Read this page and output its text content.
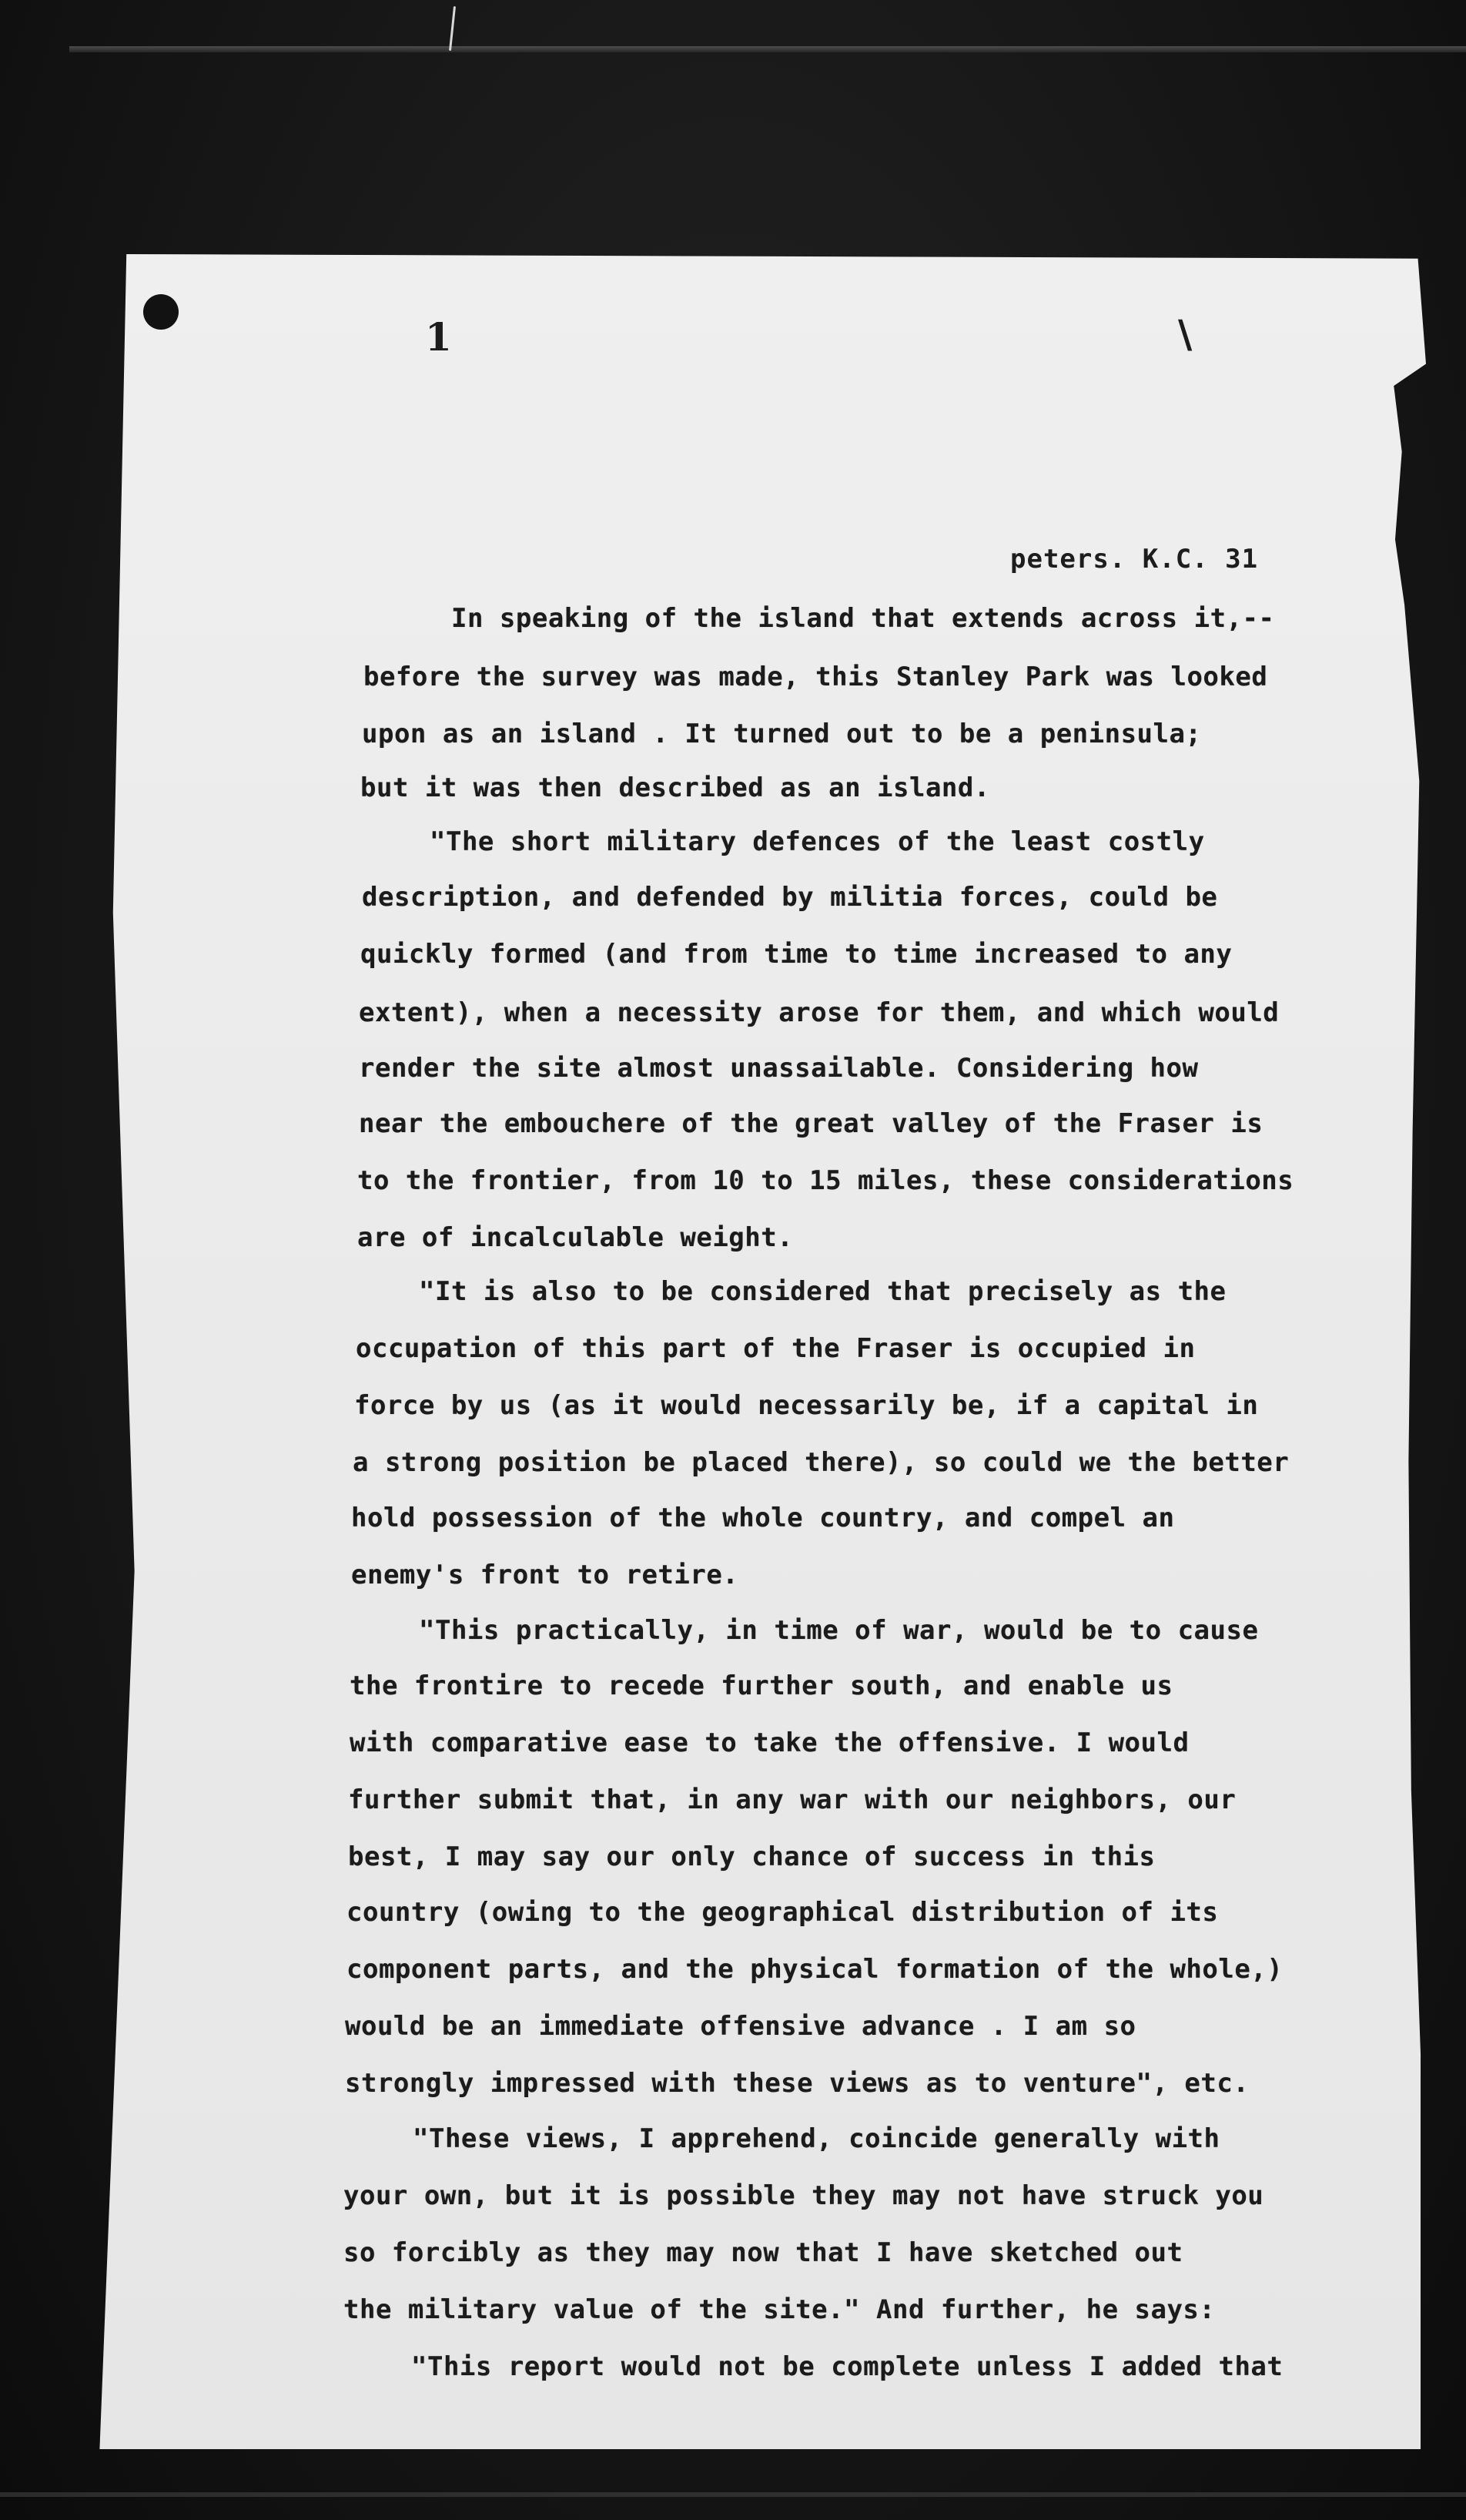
1	\
peters. K.C. 31
In speaking of the island that extends across it,--
before the survey was made, this Stanley Park was looked
upon as an island . It turned out to be a peninsula;
but it was then described as an island.
"The short military defences of the least costly
description, and defended by militia forces, could be
quickly formed (and from time to time increased to any
extent), when a necessity arose for them, and which would
render the site almost unassailable. Considering how
near the embouchere of the great valley of the Fraser is
to the frontier, from 10 to 15 miles, these considerations
are of incalculable weight.
"It is also to be considered that precisely as the
occupation of this part of the Fraser is occupied in
force by us (as it would necessarily be, if a capital in
a strong position be placed there), so could we the better
hold possession of the whole country, and compel an
enemy's front to retire.
"This practically, in time of war, would be to cause
the frontire to recede further south, and enable us
with comparative ease to take the offensive. I would
further submit that, in any war with our neighbors, our
best, I may say our only chance of success in this
country (owing to the geographical distribution of its
component parts, and the physical formation of the whole,)
would be an immediate offensive advance . I am so
strongly impressed with these views as to venture", etc.
"These views, I apprehend, coincide generally with
your own, but it is possible they may not have struck you
so forcibly as they may now that I have sketched out
the military value of the site." And further, he says:
"This report would not be complete unless I added that
